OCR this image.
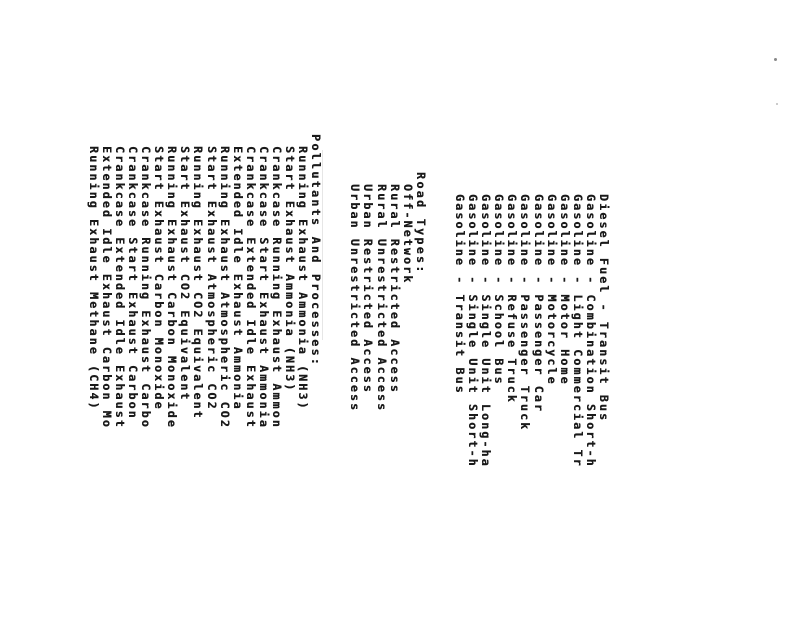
Diesel Fuel - Transit Bus
Gasoline - Combination Short-h
Gasoline - Light Commercial Tr
Gasoline - Motor Home
Gasoline - Motorcycle
Gasoline - Passenger Car
Gasoline - Passenger Truck
Gasoline - Refuse Truck
Gasoline - School Bus
Gasoline - Single Unit Long-ha
Gasoline - Single Unit Short-h
Gasoline - Transit Bus
Road Types:
Off-Network
Rural Restricted Access
Rural Unrestricted Access
Urban Restricted Access
Urban Unrestricted Access
Pollutants And Processes:
Running Exhaust Ammonia (NH3)
Start Exhaust Ammonia (NH3)
Crankcase Running Exhaust Ammon
Crankcase Start Exhaust Ammonia
Crankcase Extended Idle Exhaust
Extended Idle Exhaust Ammonia
Running Exhaust Atmospheric CO2
Start Exhaust Atmospheric CO2
Running Exhaust CO2 Equivalent
Start Exhaust CO2 Equivalent
Running Exhaust Carbon Monoxide
Start Exhaust Carbon Monoxide
Crankcase Running Exhaust Carbo
Crankcase Start Exhaust Carbon
Crankcase Extended Idle Exhaust
Extended Idle Exhaust Carbon Mo
Running Exhaust Methane (CH4)
